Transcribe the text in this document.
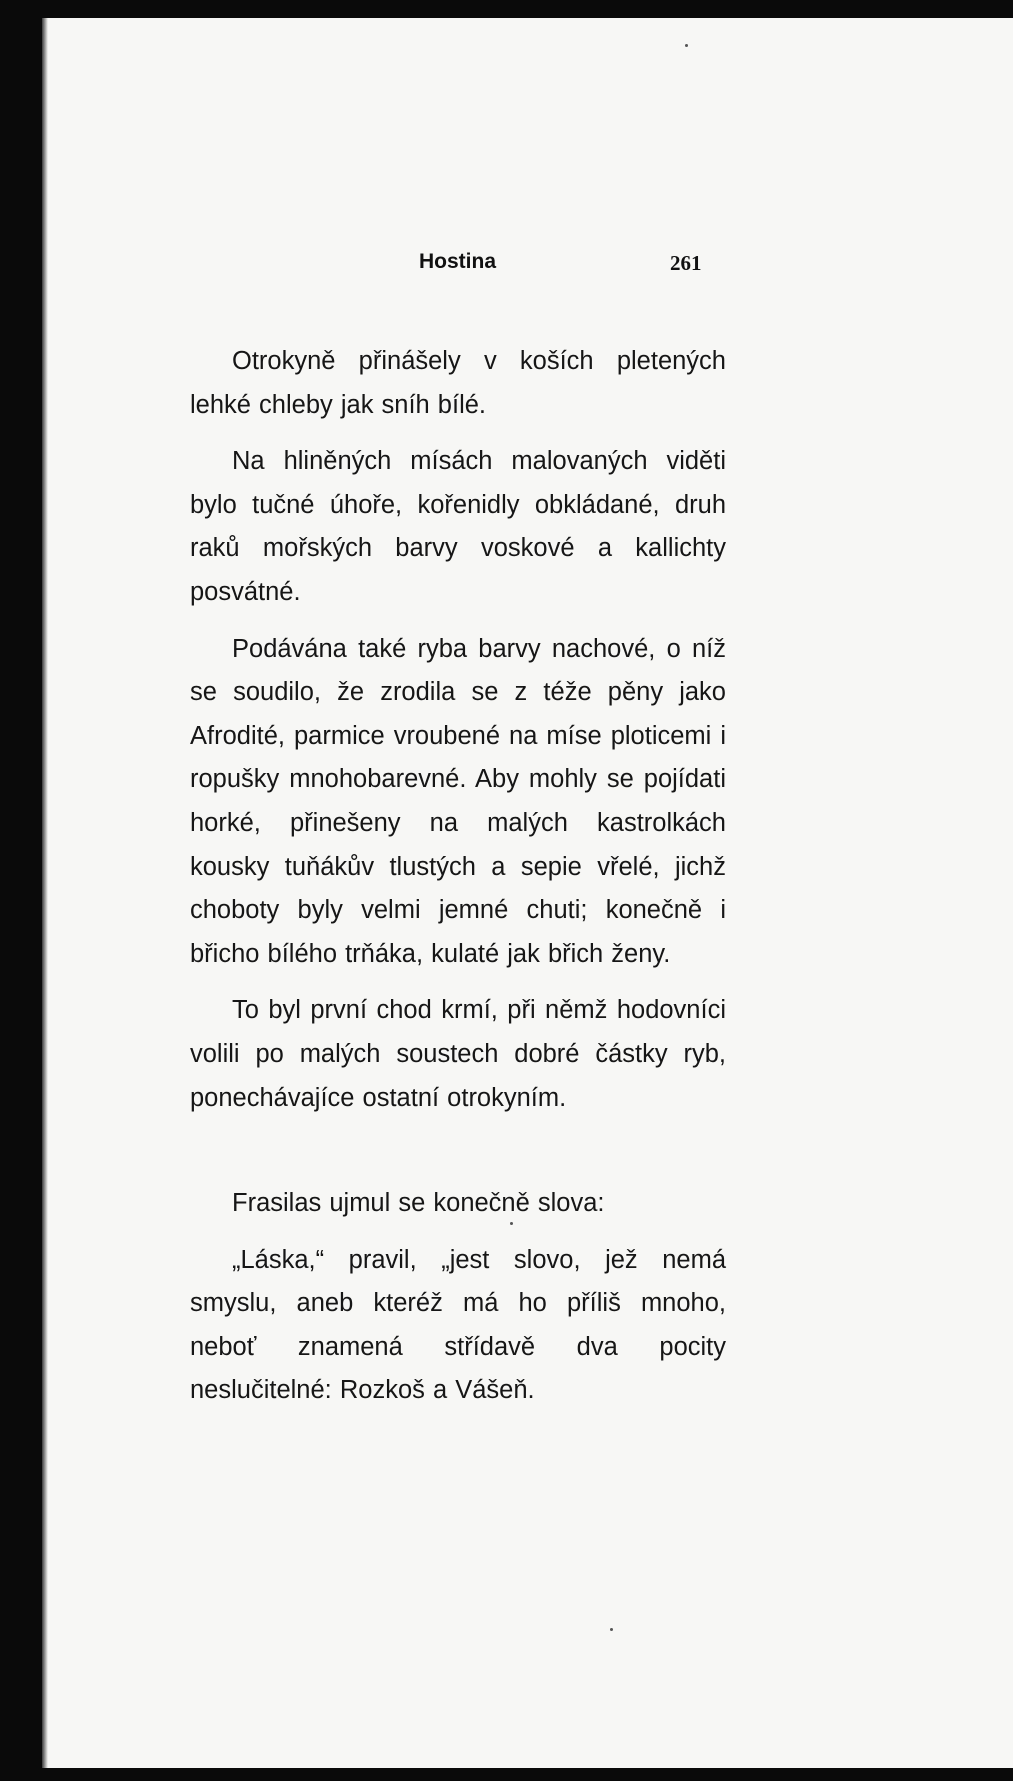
Hostina	261

Otrokyně přinášely v koších pletených lehké chleby jak sníh bílé.

Na hliněných mísách malovaných viděti bylo tučné úhoře, kořenidly obkládané, druh raků mořských barvy voskové a kallichty posvátné.

Podávána také ryba barvy nachové, o níž se soudilo, že zrodila se z téže pěny jako Afrodité, parmice vroubené na míse ploticemi i ropušky mnohobarevné. Aby mohly se pojídati horké, přinešeny na malých kastrolkách kousky tuňákův tlustých a sepie vřelé, jichž choboty byly velmi jemné chuti; konečně i břicho bílého trňáka, kulaté jak břich ženy.

To byl první chod krmí, při němž hodovníci volili po malých soustech dobré částky ryb, ponechávajíce ostatní otrokyním.

Frasilas ujmul se konečně slova:

„Láska,“ pravil, „jest slovo, jež nemá smyslu, aneb kteréž má ho příliš mnoho, neboť znamená střídavě dva pocity neslučitelné: Rozkoš a Vášeň.
